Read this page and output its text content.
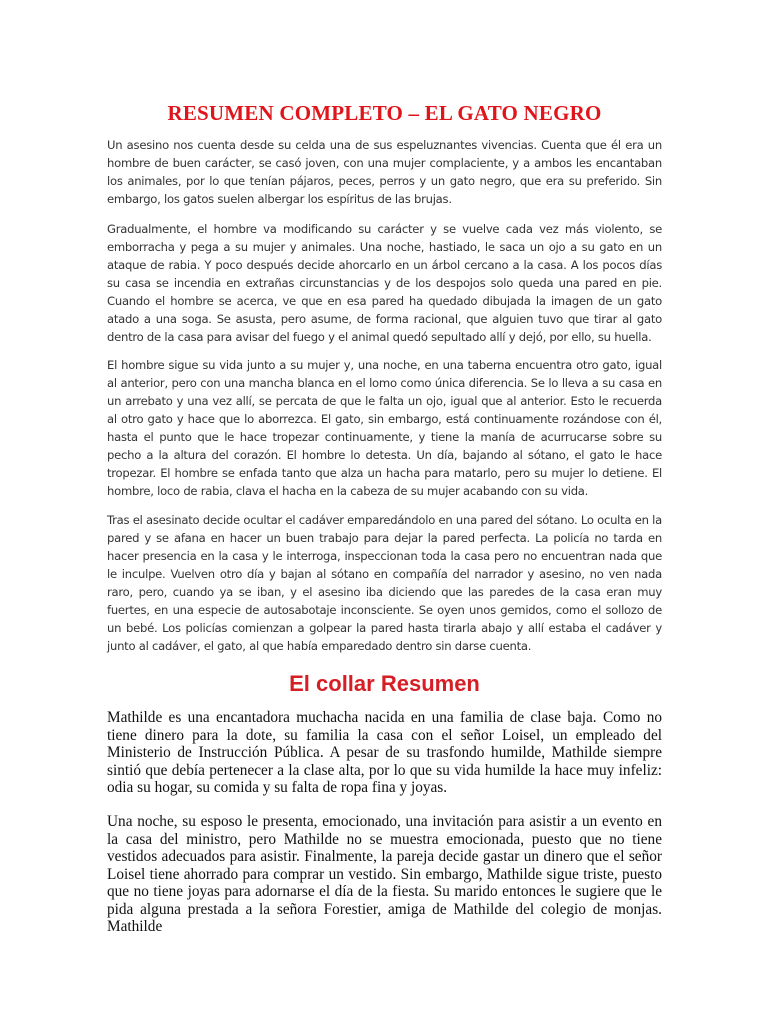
RESUMEN COMPLETO – EL GATO NEGRO

Un asesino nos cuenta desde su celda una de sus espeluznantes vivencias. Cuenta que él era un hombre de buen carácter, se casó joven, con una mujer complaciente, y a ambos les encantaban los animales, por lo que tenían pájaros, peces, perros y un gato negro, que era su preferido. Sin embargo, los gatos suelen albergar los espíritus de las brujas.

Gradualmente, el hombre va modificando su carácter y se vuelve cada vez más violento, se emborracha y pega a su mujer y animales. Una noche, hastiado, le saca un ojo a su gato en un ataque de rabia. Y poco después decide ahorcarlo en un árbol cercano a la casa. A los pocos días su casa se incendia en extrañas circunstancias y de los despojos solo queda una pared en pie. Cuando el hombre se acerca, ve que en esa pared ha quedado dibujada la imagen de un gato atado a una soga. Se asusta, pero asume, de forma racional, que alguien tuvo que tirar al gato dentro de la casa para avisar del fuego y el animal quedó sepultado allí y dejó, por ello, su huella.

El hombre sigue su vida junto a su mujer y, una noche, en una taberna encuentra otro gato, igual al anterior, pero con una mancha blanca en el lomo como única diferencia. Se lo lleva a su casa en un arrebato y una vez allí, se percata de que le falta un ojo, igual que al anterior. Esto le recuerda al otro gato y hace que lo aborrezca. El gato, sin embargo, está continuamente rozándose con él, hasta el punto que le hace tropezar continuamente, y tiene la manía de acurrucarse sobre su pecho a la altura del corazón. El hombre lo detesta. Un día, bajando al sótano, el gato le hace tropezar. El hombre se enfada tanto que alza un hacha para matarlo, pero su mujer lo detiene. El hombre, loco de rabia, clava el hacha en la cabeza de su mujer acabando con su vida.

Tras el asesinato decide ocultar el cadáver emparedándolo en una pared del sótano. Lo oculta en la pared y se afana en hacer un buen trabajo para dejar la pared perfecta. La policía no tarda en hacer presencia en la casa y le interroga, inspeccionan toda la casa pero no encuentran nada que le inculpe. Vuelven otro día y bajan al sótano en compañía del narrador y asesino, no ven nada raro, pero, cuando ya se iban, y el asesino iba diciendo que las paredes de la casa eran muy fuertes, en una especie de autosabotaje inconsciente. Se oyen unos gemidos, como el sollozo de un bebé. Los policías comienzan a golpear la pared hasta tirarla abajo y allí estaba el cadáver y junto al cadáver, el gato, al que había emparedado dentro sin darse cuenta.

El collar Resumen

Mathilde es una encantadora muchacha nacida en una familia de clase baja. Como no tiene dinero para la dote, su familia la casa con el señor Loisel, un empleado del Ministerio de Instrucción Pública. A pesar de su trasfondo humilde, Mathilde siempre sintió que debía pertenecer a la clase alta, por lo que su vida humilde la hace muy infeliz: odia su hogar, su comida y su falta de ropa fina y joyas.

Una noche, su esposo le presenta, emocionado, una invitación para asistir a un evento en la casa del ministro, pero Mathilde no se muestra emocionada, puesto que no tiene vestidos adecuados para asistir. Finalmente, la pareja decide gastar un dinero que el señor Loisel tiene ahorrado para comprar un vestido. Sin embargo, Mathilde sigue triste, puesto que no tiene joyas para adornarse el día de la fiesta. Su marido entonces le sugiere que le pida alguna prestada a la señora Forestier, amiga de Mathilde del colegio de monjas. Mathilde
